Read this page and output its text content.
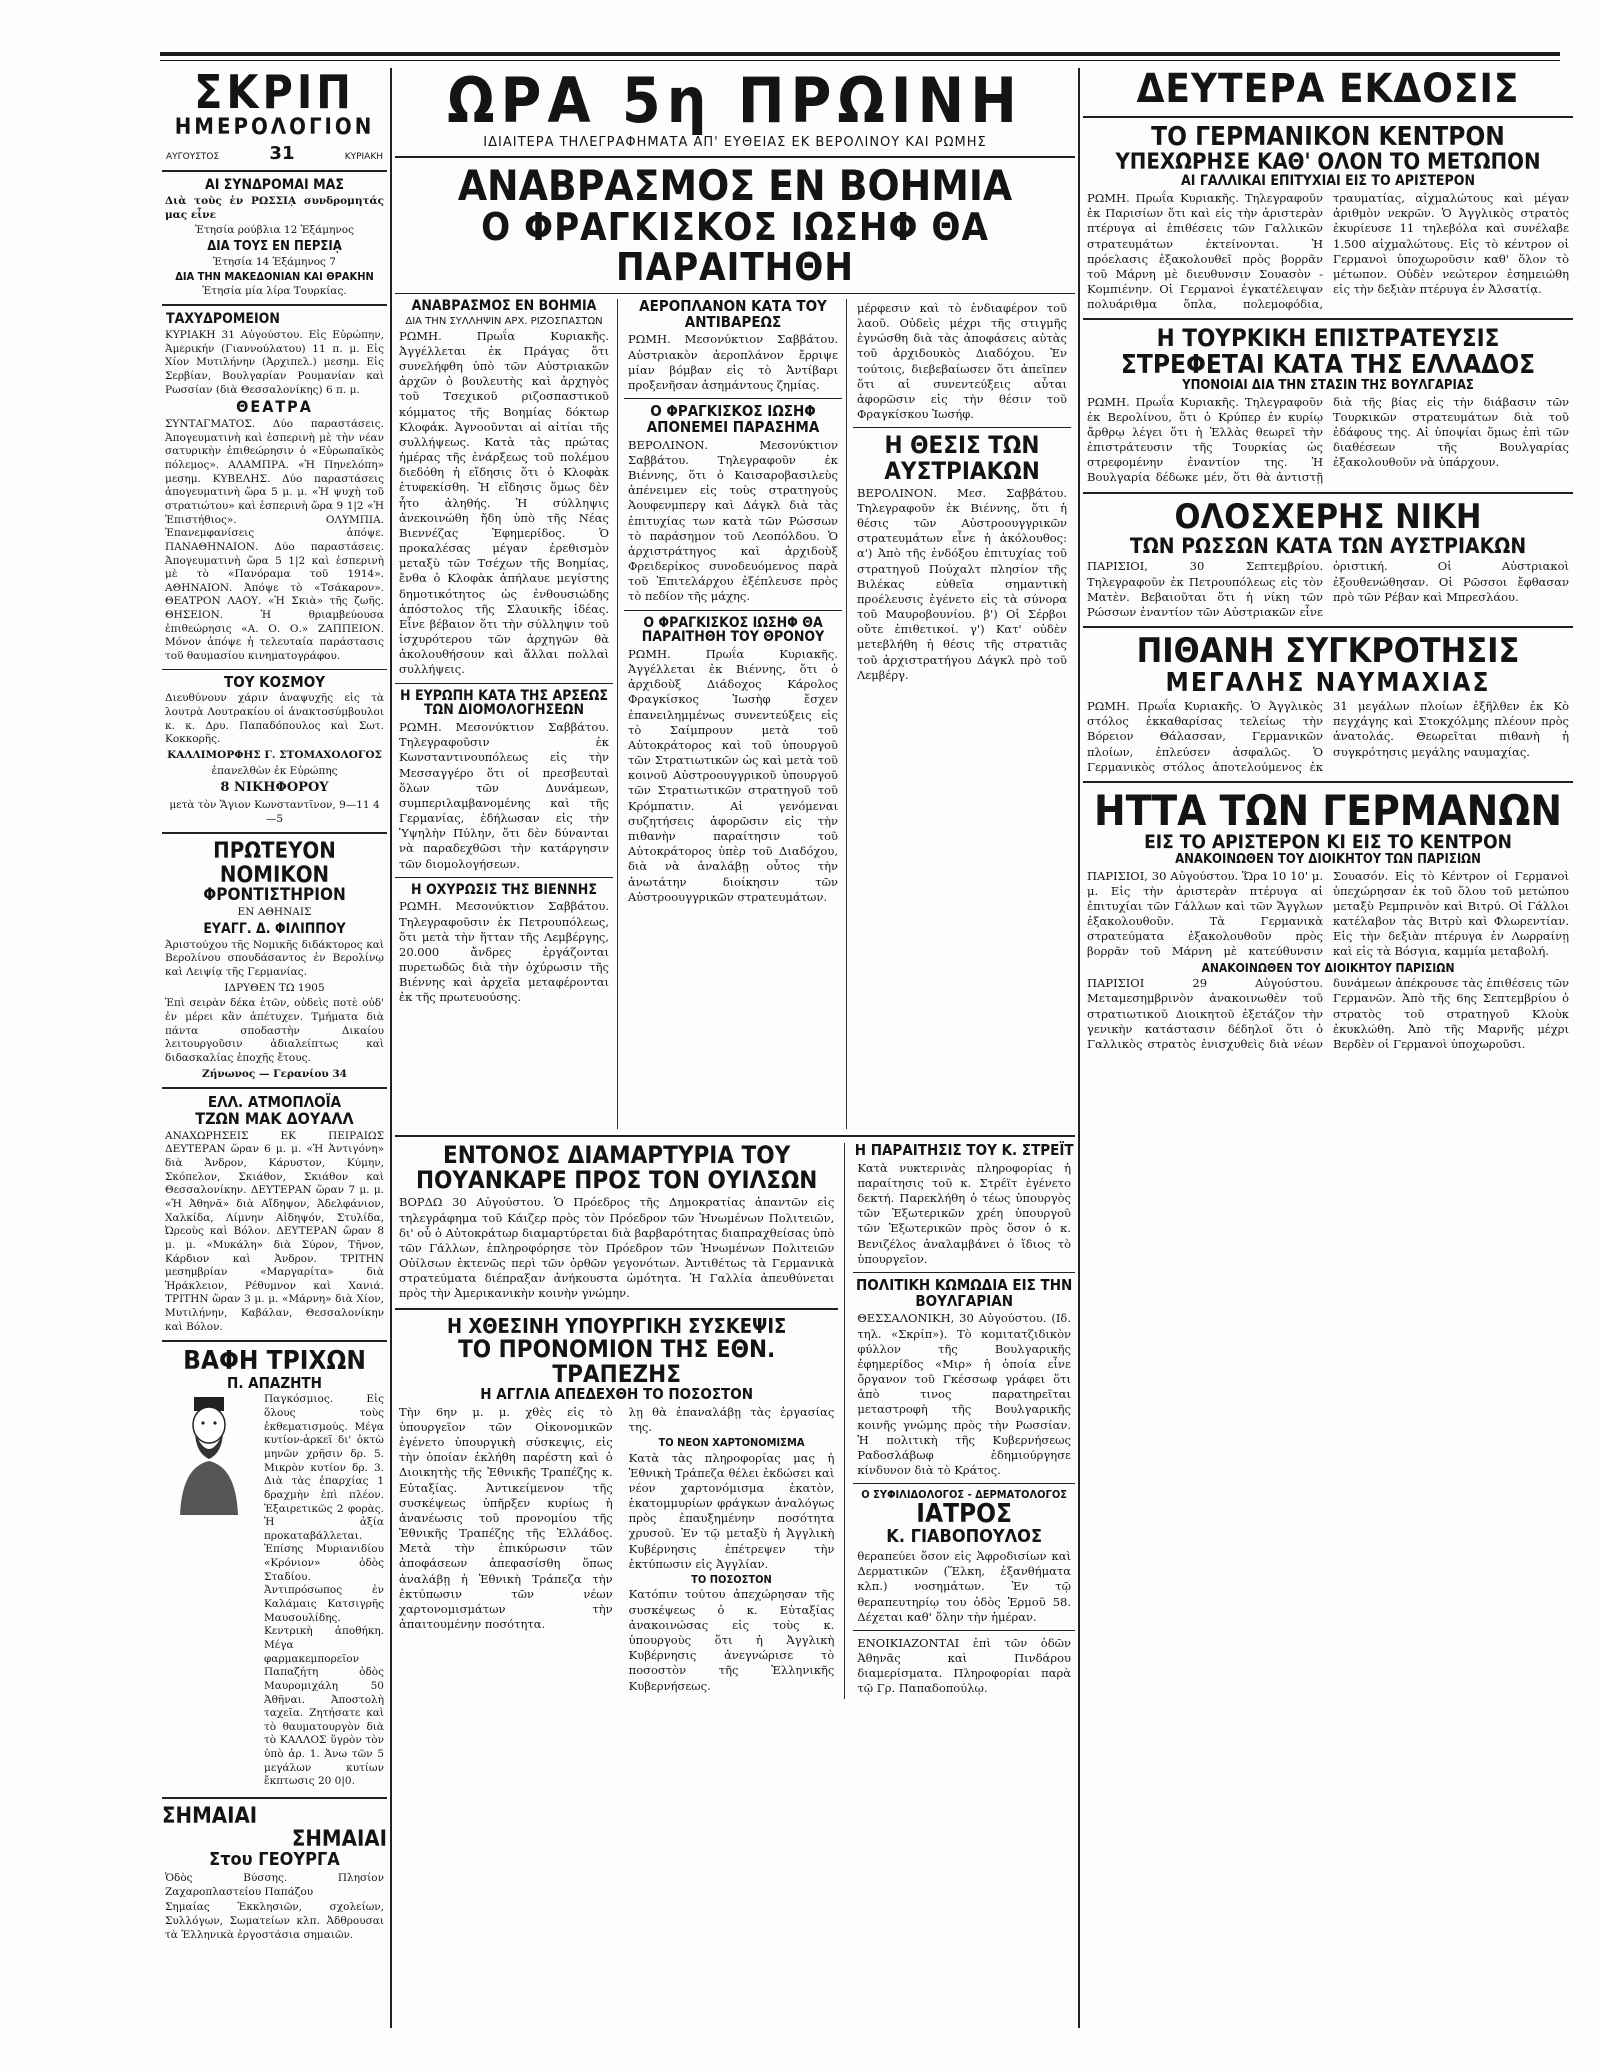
ΣΚΡΙΠ
ΗΜΕΡΟΛΟΓΙΟΝ
ΑΥΓΟΥΣΤΟΣ	31	ΚΥΡΙΑΚΗ
ΑΙ ΣΥΝΔΡΟΜΑΙ ΜΑΣ
Διὰ τοὺς ἐν ΡΩΣΣΙᾼ συνδρομητάς μας εἶνε
Ἐτησία ρούβλια 12 Ἑξάμηνος
ΔΙΑ ΤΟΥΣ ΕΝ ΠΕΡΣΙᾼ
Ἐτησία 14 Ἑξάμηνος 7
ΔΙΑ ΤΗΝ ΜΑΚΕΔΟΝΙΑΝ ΚΑΙ ΘΡΑΚΗΝ
Ἐτησία μία λίρα Τουρκίας.
ΤΑΧΥΔΡΟΜΕΙΟΝ
ΚΥΡΙΑΚΗ 31 Αὐγούστου. Εἰς Εὐρώπην, Ἀμερικήν (Γιαννούλατου) 11 π. μ. Εἰς Χίον Μυτιλήνην (Ἀρχιπελ.) μεσημ. Εἰς Σερβίαν, Βουλγαρίαν Ρουμανίαν καὶ Ρωσσίαν (διὰ Θεσσαλονίκης) 6 π. μ.
ΘΕΑΤΡΑ
ΣΥΝΤΑΓΜΑΤΟΣ. Δύο παραστάσεις. Ἀπογευματινὴ καὶ ἑσπερινὴ μὲ τὴν νέαν σατυρικὴν ἐπιθεώρησιν ὁ «Εὐρωπαϊκὸς πόλεμος». ΑΛΑΜΠΡΑ. «Ἡ Πηνελόπη» μεσημ. ΚΥΒΕΛΗΣ. Δύο παραστάσεις ἀπογευματινὴ ὥρα 5 μ. μ. «Ἡ ψυχὴ τοῦ στρατιώτου» καὶ ἑσπερινὴ ὥρα 9 1|2 «Ἡ Ἐπιστήθιος». ΟΛΥΜΠΙΑ. Ἐπανεμφανίσεις ἀπόψε. ΠΑΝΑΘΗΝΑΙΟΝ. Δύο παραστάσεις. Ἀπογευματινὴ ὥρα 5 1|2 καὶ ἑσπερινὴ μὲ τὸ «Πανόραμα τοῦ 1914». ΑΘΗΝΑΙΟΝ. Ἀπόψε τὸ «Τσάκαρον». ΘΕΑΤΡΟΝ ΛΑΟΥ. «Ἡ Σκιὰ» τῆς ζωῆς. ΘΗΣΕΙΟΝ. Ἡ θριαμβεύουσα ἐπιθεώρησις «Α. Ο. Ο.» ΖΑΠΠΕΙΟΝ. Μόνον ἀπόψε ἡ τελευταία παράστασις τοῦ θαυμασίου κινηματογράφου.
ΤΟΥ ΚΟΣΜΟΥ
Διευθύνουν χάριν ἀναψυχῆς εἰς τὰ λουτρὰ Λουτρακίου οἱ ἀνακτοσύμβουλοι κ. κ. Δρυ. Παπαδόπουλος καὶ Σωτ. Κοκκορῆς.
ΚΑΛΛΙΜΟΡΦΗΣ Γ. ΣΤΟΜΑΧΟΛΟΓΟΣ
ἐπανελθὼν ἐκ Εὐρώπης
8 ΝΙΚΗΦΟΡΟΥ
μετὰ τὸν Ἅγιον Κωνσταντῖνον, 9—11 4—5
ΠΡΩΤΕΥΟΝ
ΝΟΜΙΚΟΝ
ΦΡΟΝΤΙΣΤΗΡΙΟΝ
ΕΝ ΑΘΗΝΑΙΣ
ΕΥΑΓΓ. Δ. ΦΙΛΙΠΠΟΥ
Ἀριστούχου τῆς Νομικῆς διδάκτορος καὶ Βερολίνου σπουδάσαντος ἐν Βερολίνῳ καὶ Λειψίᾳ τῆς Γερμανίας.
ΙΔΡΥΘΕΝ ΤΩ 1905
Ἐπὶ σειρὰν δέκα ἐτῶν, οὐδεὶς ποτὲ οὐδ' ἐν μέρει κἂν ἀπέτυχεν. Τμήματα διὰ πάντα σποδαστὴν Δικαίου λειτουργοῦσιν ἀδιαλείπτως καὶ διδασκαλίας ἐποχῆς ἔτους.
Ζήνωνος — Γερανίου 34
ΕΛΛ. ΑΤΜΟΠΛΟΪΑ
ΤΖΩΝ ΜΑΚ ΔΟΥΑΛΛ
ΑΝΑΧΩΡΗΣΕΙΣ ΕΚ ΠΕΙΡΑΙΩΣ ΔΕΥΤΕΡΑΝ ὥραν 6 μ. μ. «Ἡ Ἀντιγόνη» διὰ Ἀνδρον, Κάρυστον, Κύμην, Σκόπελον, Σκιάθον, Σκιάθον καὶ Θεσσαλονίκην. ΔΕΥΤΕΡΑΝ ὥραν 7 μ. μ. «Ἡ Ἀθηνᾶ» διὰ Αἴδηψον, Ἀδελφάνιον, Χαλκίδα, Λίμνην Αἰδηψόν, Στυλίδα, Ὠρεοὺς καὶ Βόλον. ΔΕΥΤΕΡΑΝ ὥραν 8 μ. μ. «Μυκάλη» διὰ Σύρον, Τῆνον, Κάρδιον καὶ Ἀνδρον. ΤΡΙΤΗΝ μεσημβρίαν «Μαργαρίτα» διὰ Ἡράκλειον, Ρέθυμνον καὶ Χανιά. ΤΡΙΤΗΝ ὥραν 3 μ. μ. «Μάρνη» διὰ Χίον, Μυτιλήνην, Καβάλαν, Θεσσαλονίκην καὶ Βόλον.
ΒΑΦΗ ΤΡΙΧΩΝ
Π. ΑΠΑΖΗΤΗ
Παγκόσμιος. Εἰς ὅλους τοὺς ἐκθεματισμούς. Μέγα κυτίον-ἀρκεῖ δι' ὀκτὼ μηνῶν χρῆσιν δρ. 5. Μικρὸν κυτίον δρ. 3. Διὰ τὰς ἐπαρχίας 1 δραχμὴν ἐπὶ πλέον. Ἐξαιρετικῶς 2 φορὰς. Ἡ ἀξία προκαταβάλλεται. Ἐπίσης Μυριανιδίου «Κρόνιον» ὁδὸς Σταδίου. Ἀντιπρόσωπος ἐν Καλάμαις Κατσιγρῆς Μαυσουλίδης. Κεντρικὴ ἀποθήκη. Μέγα φαρμακεμπορεῖον Παπαζήτη ὁδὸς Μαυρομιχάλη 50 Ἀθῆναι. Ἀποστολὴ ταχεῖα. Ζητήσατε καὶ τὸ θαυματουργὸν διὰ τὸ ΚΑΛΛΟΣ ὕγρὸν τὸν ὑπὸ ἀρ. 1. Ἀνω τῶν 5 μεγάλων κυτίων ἔκπτωσις 20 0|0.
ΣΗΜΑΙΑΙ
ΣΗΜΑΙΑΙ
Στου ΓΕΟΥΡΓΑ
Ὁδὸς Βύσσης. Πλησίον Ζαχαροπλαστείου Παπάζου
Σημαίας Ἐκκλησιῶν, σχολείων, Συλλόγων, Σωματείων κλπ. Ἀδθρουσαι τὰ Ἐλληνικὰ ἐργοστάσια σημαιῶν.
ΩΡΑ 5η ΠΡΩΙΝΗ
ΙΔΙΑΙΤΕΡΑ ΤΗΛΕΓΡΑΦΗΜΑΤΑ ΑΠ' ΕΥΘΕΙΑΣ ΕΚ ΒΕΡΟΛΙΝΟΥ ΚΑΙ ΡΩΜΗΣ
ΑΝΑΒΡΑΣΜΟΣ ΕΝ ΒΟΗΜΙΑ
Ο ΦΡΑΓΚΙΣΚΟΣ ΙΩΣΗΦ ΘΑ ΠΑΡΑΙΤΗΘΗ
ΑΝΑΒΡΑΣΜΟΣ ΕΝ ΒΟΗΜΙΑ
ΔΙΑ ΤΗΝ ΣΥΛΛΗΨΙΝ ΑΡΧ. ΡΙΖΟΣΠΑΣΤΩΝ
ΡΩΜΗ. Πρωΐα Κυριακῆς. Ἀγγέλλεται ἐκ Πράγας ὅτι συνελήφθη ὑπὸ τῶν Αὐστριακῶν ἀρχῶν ὁ βουλευτὴς καὶ ἀρχηγὸς τοῦ Τσεχικοῦ ριζοσπαστικοῦ κόμματος τῆς Βοημίας δόκτωρ Κλοφάκ. Ἀγνοοῦνται αἱ αἰτίαι τῆς συλλήψεως. Κατὰ τὰς πρώτας ἡμέρας τῆς ἐνάρξεως τοῦ πολέμου διεδόθη ἡ εἴδησις ὅτι ὁ Κλοφὰκ ἐτυφεκίσθη. Ἡ εἴδησις ὅμως δὲν ἦτο ἀληθής. Ἡ σύλληψις ἀνεκοινώθη ἤδη ὑπὸ τῆς Νέας Βιεννέζας Ἐφημερίδος. Ὁ προκαλέσας μέγαν ἐρεθισμὸν μεταξὺ τῶν Τσέχων τῆς Βοημίας, ἔνθα ὁ Κλοφὰκ ἀπήλαυε μεγίστης δημοτικότητος ὡς ἐνθουσιώδης ἀπόστολος τῆς Σλαυικῆς ἰδέας. Εἶνε βέβαιον ὅτι τὴν σύλληψιν τοῦ ἰσχυρότερου τῶν ἀρχηγῶν θὰ ἀκολουθήσουν καὶ ἄλλαι πολλαὶ συλλήψεις.
Η ΕΥΡΩΠΗ ΚΑΤΑ ΤΗΣ ΑΡΣΕΩΣ ΤΩΝ ΔΙΟΜΟΛΟΓΗΣΕΩΝ
ΡΩΜΗ. Μεσονύκτιον Σαββάτου. Τηλεγραφοῦσιν ἐκ Κωνσταντινουπόλεως εἰς τὴν Μεσσαγγέρο ὅτι οἱ πρεσβευταὶ ὅλων τῶν Δυνάμεων, συμπεριλαμβανομένης καὶ τῆς Γερμανίας, ἐδήλωσαν εἰς τὴν Ὑψηλὴν Πύλην, ὅτι δὲν δύνανται νὰ παραδεχθῶσι τὴν κατάργησιν τῶν διομολογήσεων.
Η ΟΧΥΡΩΣΙΣ ΤΗΣ ΒΙΕΝΝΗΣ
ΡΩΜΗ. Μεσονύκτιον Σαββάτου. Τηλεγραφοῦσιν ἐκ Πετρουπόλεως, ὅτι μετὰ τὴν ἥτταν τῆς Λεμβέργης, 20.000 ἄνδρες ἐργάζονται πυρετωδῶς διὰ τὴν ὀχύρωσιν τῆς Βιέννης καὶ ἀρχεῖα μεταφέρονται ἐκ τῆς πρωτευούσης.
ΑΕΡΟΠΛΑΝΟΝ ΚΑΤΑ ΤΟΥ ΑΝΤΙΒΑΡΕΩΣ
ΡΩΜΗ. Μεσονύκτιον Σαββάτου. Αὐστριακὸν ἀεροπλάνον ἔρριψε μίαν βόμβαν εἰς τὸ Ἀντίβαρι προξενῆσαν ἀσημάντους ζημίας.
Ο ΦΡΑΓΚΙΣΚΟΣ ΙΩΣΗΦ ΑΠΟΝΕΜΕΙ ΠΑΡΑΣΗΜΑ
ΒΕΡΟΛΙΝΟΝ. Μεσονύκτιον Σαββάτου. Τηλεγραφοῦν ἐκ Βιέννης, ὅτι ὁ Καισαροβασιλεὺς ἀπένειμεν εἰς τοὺς στρατηγοὺς Ἀουφενμπεργ καὶ Δάγκλ διὰ τὰς ἐπιτυχίας των κατὰ τῶν Ρώσσων τὸ παράσημον τοῦ Λεοπόλδου. Ὁ ἀρχιστράτηγος καὶ ἀρχιδοὺξ Φρειδερίκος συνοδευόμενος παρὰ τοῦ Ἐπιτελάρχου ἐξέπλευσε πρὸς τὸ πεδίον τῆς μάχης.
Ο ΦΡΑΓΚΙΣΚΟΣ ΙΩΣΗΦ ΘΑ ΠΑΡΑΙΤΗΘΗ ΤΟΥ ΘΡΟΝΟΥ
ΡΩΜΗ. Πρωΐα Κυριακῆς. Ἀγγέλλεται ἐκ Βιέννης, ὅτι ὁ ἀρχιδοὺξ Διάδοχος Κάρολος Φραγκίσκος Ἰωσὴφ ἔσχεν ἐπανειλημμένως συνεντεύξεις εἰς τὸ Σαίμπρουν μετὰ τοῦ Αὐτοκράτορος καὶ τοῦ ὑπουργοῦ τῶν Στρατιωτικῶν ὡς καὶ μετὰ τοῦ κοινοῦ Αὐστροουγγρικοῦ ὑπουργοῦ τῶν Στρατιωτικῶν στρατηγοῦ τοῦ Κρόμπατιν. Αἱ γενόμεναι συζητήσεις ἀφορῶσιν εἰς τὴν πιθανὴν παραίτησιν τοῦ Αὐτοκράτορος ὑπὲρ τοῦ Διαδόχου, διὰ νὰ ἀναλάβῃ οὗτος τὴν ἀνωτάτην διοίκησιν τῶν Αὐστροουγγρικῶν στρατευμάτων.
μέρφεσιν καὶ τὸ ἐνδιαφέρον τοῦ λαοῦ. Οὐδεὶς μέχρι τῆς στιγμῆς ἐγνώσθη διὰ τὰς ἀποφάσεις αὐτὰς τοῦ ἀρχιδουκὸς Διαδόχου. Ἐν τούτοις, διεβεβαίωσεν ὅτι ἀπεῖπεν ὅτι αἱ συνεντεύξεις αὗται ἀφορῶσιν εἰς τὴν θέσιν τοῦ Φραγκίσκου Ἰωσήφ.
Η ΘΕΣΙΣ ΤΩΝ ΑΥΣΤΡΙΑΚΩΝ
ΒΕΡΟΛΙΝΟΝ. Μεσ. Σαββάτου. Τηλεγραφοῦν ἐκ Βιέννης, ὅτι ἡ θέσις τῶν Αὐστροουγγρικῶν στρατευμάτων εἶνε ἡ ἀκόλουθος: α') Ἀπὸ τῆς ἐνδόξου ἐπιτυχίας τοῦ στρατηγοῦ Πούχαλτ πλησίον τῆς Βιλέκας εὐθεῖα σημαντικὴ προέλευσις ἐγένετο εἰς τὰ σύνορα τοῦ Μαυροβουνίου. β') Οἱ Σέρβοι οὔτε ἐπιθετικοί. γ') Κατ' οὐδὲν μετεβλήθη ἡ θέσις τῆς στρατιᾶς τοῦ ἀρχιστρατήγου Δάγκλ πρὸ τοῦ Λεμβέργ.
ΕΝΤΟΝΟΣ ΔΙΑΜΑΡΤΥΡΙΑ ΤΟΥ ΠΟΥΑΝΚΑΡΕ ΠΡΟΣ ΤΟΝ ΟΥΙΛΣΩΝ
ΒΟΡΔΩ 30 Αὐγούστου. Ὁ Πρόεδρος τῆς Δημοκρατίας ἀπαντῶν εἰς τηλεγράφημα τοῦ Κάιζερ πρὸς τὸν Πρόεδρον τῶν Ἡνωμένων Πολιτειῶν, δι' οὗ ὁ Αὐτοκράτωρ διαμαρτύρεται διὰ βαρβαρότητας διαπραχθείσας ὑπὸ τῶν Γάλλων, ἐπληροφόρησε τὸν Πρόεδρον τῶν Ἡνωμένων Πολιτειῶν Οὐίλσων ἐκτενῶς περὶ τῶν ὀρθῶν γεγονότων. Ἀντιθέτως τὰ Γερμανικὰ στρατεύματα διέπραξαν ἀνήκουστα ὠμότητα. Ἡ Γαλλία ἀπευθύνεται πρὸς τὴν Ἀμερικανικὴν κοινὴν γνώμην.
Η ΧΘΕΣΙΝΗ ΥΠΟΥΡΓΙΚΗ ΣΥΣΚΕΨΙΣ
ΤΟ ΠΡΟΝΟΜΙΟΝ ΤΗΣ ΕΘΝ. ΤΡΑΠΕΖΗΣ
Η ΑΓΓΛΙΑ ΑΠΕΔΕΧΘΗ ΤΟ ΠΟΣΟΣΤΟΝ
Τὴν 6ην μ. μ. χθὲς εἰς τὸ ὑπουργεῖον τῶν Οἰκονομικῶν ἐγένετο ὑπουργικὴ σύσκεψις, εἰς τὴν ὁποίαν ἐκλήθη παρέστη καὶ ὁ Διοικητὴς τῆς Ἐθνικῆς Τραπέζης κ. Εὐταξίας. Ἀντικείμενον τῆς συσκέψεως ὑπῆρξεν κυρίως ἡ ἀνανέωσις τοῦ προνομίου τῆς Ἐθνικῆς Τραπέζης τῆς Ἑλλάδος. Μετὰ τὴν ἐπικύρωσιν τῶν ἀποφάσεων ἀπεφασίσθη ὅπως ἀναλάβῃ ἡ Ἐθνικὴ Τράπεζα τὴν ἐκτύπωσιν τῶν νέων χαρτονομισμάτων τὴν ἀπαιτουμένην ποσότητα.
λῃ θὰ ἐπαναλάβῃ τὰς ἐργασίας της.
ΤΟ ΝΕΟΝ ΧΑΡΤΟΝΟΜΙΣΜΑ
Κατὰ τὰς πληροφορίας μας ἡ Ἐθνικὴ Τράπεζα θέλει ἐκδώσει καὶ νέον χαρτονόμισμα ἑκατὸν, ἑκατομμυρίων φράγκων ἀναλόγως πρὸς ἐπαυξημένην ποσότητα χρυσοῦ. Ἐν τῷ μεταξὺ ἡ Ἀγγλικὴ Κυβέρνησις ἐπέτρεψεν τὴν ἐκτύπωσιν εἰς Ἀγγλίαν.
ΤΟ ΠΟΣΟΣΤΟΝ
Κατόπιν τούτου ἀπεχώρησαν τῆς συσκέψεως ὁ κ. Εὐταξίας ἀνακοινώσας εἰς τοὺς κ. ὑπουργοὺς ὅτι ἡ Ἀγγλικὴ Κυβέρνησις ἀνεγνώρισε τὸ ποσοστὸν τῆς Ἑλληνικῆς Κυβερνήσεως.
Η ΠΑΡΑΙΤΗΣΙΣ ΤΟΥ Κ. ΣΤΡΕΪΤ
Κατὰ νυκτερινὰς πληροφορίας ἡ παραίτησις τοῦ κ. Στρέϊτ ἐγένετο δεκτή. Παρεκλήθη ὁ τέως ὑπουργὸς τῶν Ἐξωτερικῶν χρέη ὑπουργοῦ τῶν Ἐξωτερικῶν πρὸς ὅσον ὁ κ. Βενιζέλος ἀναλαμβάνει ὁ ἴδιος τὸ ὑπουργεῖον.
ΠΟΛΙΤΙΚΗ ΚΩΜΩΔΙΑ ΕΙΣ ΤΗΝ ΒΟΥΛΓΑΡΙΑΝ
ΘΕΣΣΑΛΟΝΙΚΗ, 30 Αὐγούστου. (Ιδ. τηλ. «Σκρίπ»). Τὸ κομιτατζιδικὸν φύλλον τῆς Βουλγαρικῆς ἐφημερίδος «Μιρ» ἡ ὁποία εἶνε ὄργανον τοῦ Γκέσσωφ γράφει ὅτι ἀπὸ τινος παρατηρεῖται μεταστροφὴ τῆς Βουλγαρικῆς κοινῆς γνώμης πρὸς τὴν Ρωσσίαν. Ἡ πολιτικὴ τῆς Κυβερνήσεως Ραδοσλάβωφ ἐδημιούργησε κίνδυνον διὰ τὸ Κράτος.
Ο ΣΥΦΙΛΙΔΟΛΟΓΟΣ - ΔΕΡΜΑΤΟΛΟΓΟΣ
ΙΑΤΡΟΣ
Κ. ΓΙΑΒΟΠΟΥΛΟΣ
θεραπεύει ὅσον εἰς Ἀφροδισίων καὶ Δερματικῶν (Ἕλκη, ἐξανθήματα κλπ.) νοσημάτων. Ἐν τῷ θεραπευτηρίῳ του ὁδὸς Ἐρμοῦ 58. Δέχεται καθ' ὅλην τὴν ἡμέραν.
ΕΝΟΙΚΙΑΖΟΝΤΑΙ ἐπὶ τῶν ὁδῶν Ἀθηνᾶς καὶ Πινδάρου διαμερίσματα. Πληροφορίαι παρὰ τῷ Γρ. Παπαδοπούλῳ.
ΔΕΥΤΕΡΑ ΕΚΔΟΣΙΣ
ΤΟ ΓΕΡΜΑΝΙΚΟΝ ΚΕΝΤΡΟΝ
ΥΠΕΧΩΡΗΣΕ ΚΑΘ' ΟΛΟΝ ΤΟ ΜΕΤΩΠΟΝ
ΑΙ ΓΑΛΛΙΚΑΙ ΕΠΙΤΥΧΙΑΙ ΕΙΣ ΤΟ ΑΡΙΣΤΕΡΟΝ
ΡΩΜΗ. Πρωΐα Κυριακῆς. Τηλεγραφοῦν ἐκ Παρισίων ὅτι καὶ εἰς τὴν ἀριστερὰν πτέρυγα αἱ ἐπιθέσεις τῶν Γαλλικῶν στρατευμάτων ἐκτείνονται. Ἡ πρόελασις ἐξακολουθεῖ πρὸς βορρᾶν τοῦ Μάρνη μὲ διευθυνσιν Σουασὸν - Κομπιένην. Οἱ Γερμανοὶ ἐγκατέλειψαν πολυάριθμα ὅπλα, πολεμοφόδια, τραυματίας, αἰχμαλώτους καὶ μέγαν ἀριθμὸν νεκρῶν. Ὁ Ἀγγλικὸς στρατὸς ἐκυρίευσε 11 τηλεβόλα καὶ συνέλαβε 1.500 αἰχμαλώτους. Εἰς τὸ κέντρον οἱ Γερμανοὶ ὑποχωροῦσιν καθ' ὅλον τὸ μέτωπον. Οὐδὲν νεώτερον ἐσημειώθη εἰς τὴν δεξιὰν πτέρυγα ἐν Ἀλσατίᾳ.
Η ΤΟΥΡΚΙΚΗ ΕΠΙΣΤΡΑΤΕΥΣΙΣ
ΣΤΡΕΦΕΤΑΙ ΚΑΤΑ ΤΗΣ ΕΛΛΑΔΟΣ
ΥΠΟΝΟΙΑΙ ΔΙΑ ΤΗΝ ΣΤΑΣΙΝ ΤΗΣ ΒΟΥΛΓΑΡΙΑΣ
ΡΩΜΗ. Πρωΐα Κυριακῆς. Τηλεγραφοῦν ἐκ Βερολίνου, ὅτι ὁ Κρύπερ ἐν κυρίῳ ἄρθρῳ λέγει ὅτι ἡ Ἑλλὰς θεωρεῖ τὴν ἐπιστράτευσιν τῆς Τουρκίας ὡς στρεφομένην ἐναντίον της. Ἡ Βουλγαρία δέδωκε μέν, ὅτι θὰ ἀντιστῇ διὰ τῆς βίας εἰς τὴν διάβασιν τῶν Τουρκικῶν στρατευμάτων διὰ τοῦ ἐδάφους της. Αἱ ὑποψίαι ὅμως ἐπὶ τῶν διαθέσεων τῆς Βουλγαρίας ἐξακολουθοῦν νὰ ὑπάρχουν.
ΟΛΟΣΧΕΡΗΣ ΝΙΚΗ
ΤΩΝ ΡΩΣΣΩΝ ΚΑΤΑ ΤΩΝ ΑΥΣΤΡΙΑΚΩΝ
ΠΑΡΙΣΙΟΙ, 30 Σεπτεμβρίου. Τηλεγραφοῦν ἐκ Πετρουπόλεως εἰς τὸν Ματὲν. Βεβαιοῦται ὅτι ἡ νίκη τῶν Ρώσσων ἐναντίον τῶν Αὐστριακῶν εἶνε ὁριστική. Οἱ Αὐστριακοὶ ἐξουθενώθησαν. Οἱ Ρῶσσοι ἔφθασαν πρὸ τῶν Ρέβαν καὶ Μπρεσλάου.
ΠΙΘΑΝΗ ΣΥΓΚΡΟΤΗΣΙΣ
ΜΕΓΑΛΗΣ ΝΑΥΜΑΧΙΑΣ
ΡΩΜΗ. Πρωΐα Κυριακῆς. Ὁ Ἀγγλικὸς στόλος ἐκκαθαρίσας τελείως τὴν Βόρειον Θάλασσαν, Γερμανικῶν πλοίων, ἐπλεύσεν ἀσφαλῶς. Ὁ Γερμανικὸς στόλος ἀποτελούμενος ἐκ 31 μεγάλων πλοίων ἐξῆλθεν ἐκ Κὸ πεγχάγης καὶ Στοκχόλμης πλέουν πρὸς ἀνατολάς. Θεωρεῖται πιθανὴ ἡ συγκρότησις μεγάλης ναυμαχίας.
ΗΤΤΑ ΤΩΝ ΓΕΡΜΑΝΩΝ
ΕΙΣ ΤΟ ΑΡΙΣΤΕΡΟΝ ΚΙ ΕΙΣ ΤΟ ΚΕΝΤΡΟΝ
ΑΝΑΚΟΙΝΩΘΕΝ ΤΟΥ ΔΙΟΙΚΗΤΟΥ ΤΩΝ ΠΑΡΙΣΙΩΝ
ΠΑΡΙΣΙΟΙ, 30 Αὐγούστου. Ὥρα 10 10' μ. μ. Εἰς τὴν ἀριστερὰν πτέρυγα αἱ ἐπιτυχίαι τῶν Γάλλων καὶ τῶν Ἄγγλων ἐξακολουθοῦν. Τὰ Γερμανικὰ στρατεύματα ἐξακολουθοῦν πρὸς βορρᾶν τοῦ Μάρνη μὲ κατεύθυνσιν Σουασόν. Εἰς τὸ Κέντρον οἱ Γερμανοὶ ὑπεχώρησαν ἐκ τοῦ ὅλου τοῦ μετώπου μεταξὺ Ρεμπρινὸν καὶ Βιτρύ. Οἱ Γάλλοι κατέλαβον τὰς Βιτρὺ καὶ Φλωρεντίαν. Εἰς τὴν δεξιὰν πτέρυγα ἐν Λωρραίνῃ καὶ εἰς τὰ Βόσγια, καμμία μεταβολή.
ΑΝΑΚΟΙΝΩΘΕΝ ΤΟΥ ΔΙΟΙΚΗΤΟΥ ΠΑΡΙΣΙΩΝ
ΠΑΡΙΣΙΟΙ 29 Αὐγούστου. Μεταμεσημβρινὸν ἀνακοινωθὲν τοῦ στρατιωτικοῦ Διοικητοῦ ἐξετάζον τὴν γενικὴν κατάστασιν δέδηλοῖ ὅτι ὁ Γαλλικὸς στρατὸς ἐνισχυθεὶς διὰ νέων δυνάμεων ἀπέκρουσε τὰς ἐπιθέσεις τῶν Γερμανῶν. Ἀπὸ τῆς 6ης Σεπτεμβρίου ὁ στρατὸς τοῦ στρατηγοῦ Κλοὺκ ἐκυκλώθη. Ἀπὸ τῆς Μαρνῆς μέχρι Βερδὲν οἱ Γερμανοὶ ὑποχωροῦσι.
